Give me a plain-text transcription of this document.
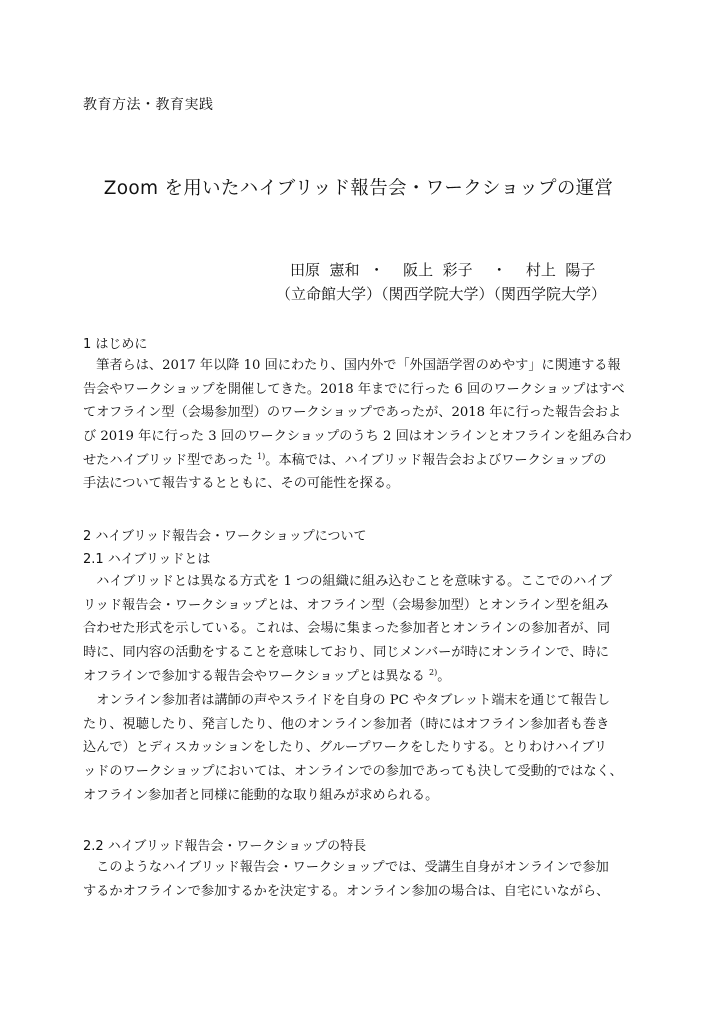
教育方法・教育実践
Zoom を用いたハイブリッド報告会・ワークショップの運営
田原  憲和  ・    阪上  彩子    ・    村上  陽子
（立命館大学）（関西学院大学）（関西学院大学）
1 はじめに
　筆者らは、2017 年以降 10 回にわたり、国内外で「外国語学習のめやす」に関連する報
告会やワークショップを開催してきた。2018 年までに行った 6 回のワークショップはすべ
てオフライン型（会場参加型）のワークショップであったが、2018 年に行った報告会およ
び 2019 年に行った 3 回のワークショップのうち 2 回はオンラインとオフラインを組み合わ
せたハイブリッド型であった $^{1)}$。本稿では、ハイブリッド報告会およびワークショップの
手法について報告するとともに、その可能性を探る。
2 ハイブリッド報告会・ワークショップについて
2.1 ハイブリッドとは
　ハイブリッドとは異なる方式を 1 つの組織に組み込むことを意味する。ここでのハイブ
リッド報告会・ワークショップとは、オフライン型（会場参加型）とオンライン型を組み
合わせた形式を示している。これは、会場に集まった参加者とオンラインの参加者が、同
時に、同内容の活動をすることを意味しており、同じメンバーが時にオンラインで、時に
オフラインで参加する報告会やワークショップとは異なる $^{2)}$。
　オンライン参加者は講師の声やスライドを自身の PC やタブレット端末を通じて報告し
たり、視聴したり、発言したり、他のオンライン参加者（時にはオフライン参加者も巻き
込んで）とディスカッションをしたり、グループワークをしたりする。とりわけハイブリ
ッドのワークショップにおいては、オンラインでの参加であっても決して受動的ではなく、
オフライン参加者と同様に能動的な取り組みが求められる。
2.2 ハイブリッド報告会・ワークショップの特長
　このようなハイブリッド報告会・ワークショップでは、受講生自身がオンラインで参加
するかオフラインで参加するかを決定する。オンライン参加の場合は、自宅にいながら、
